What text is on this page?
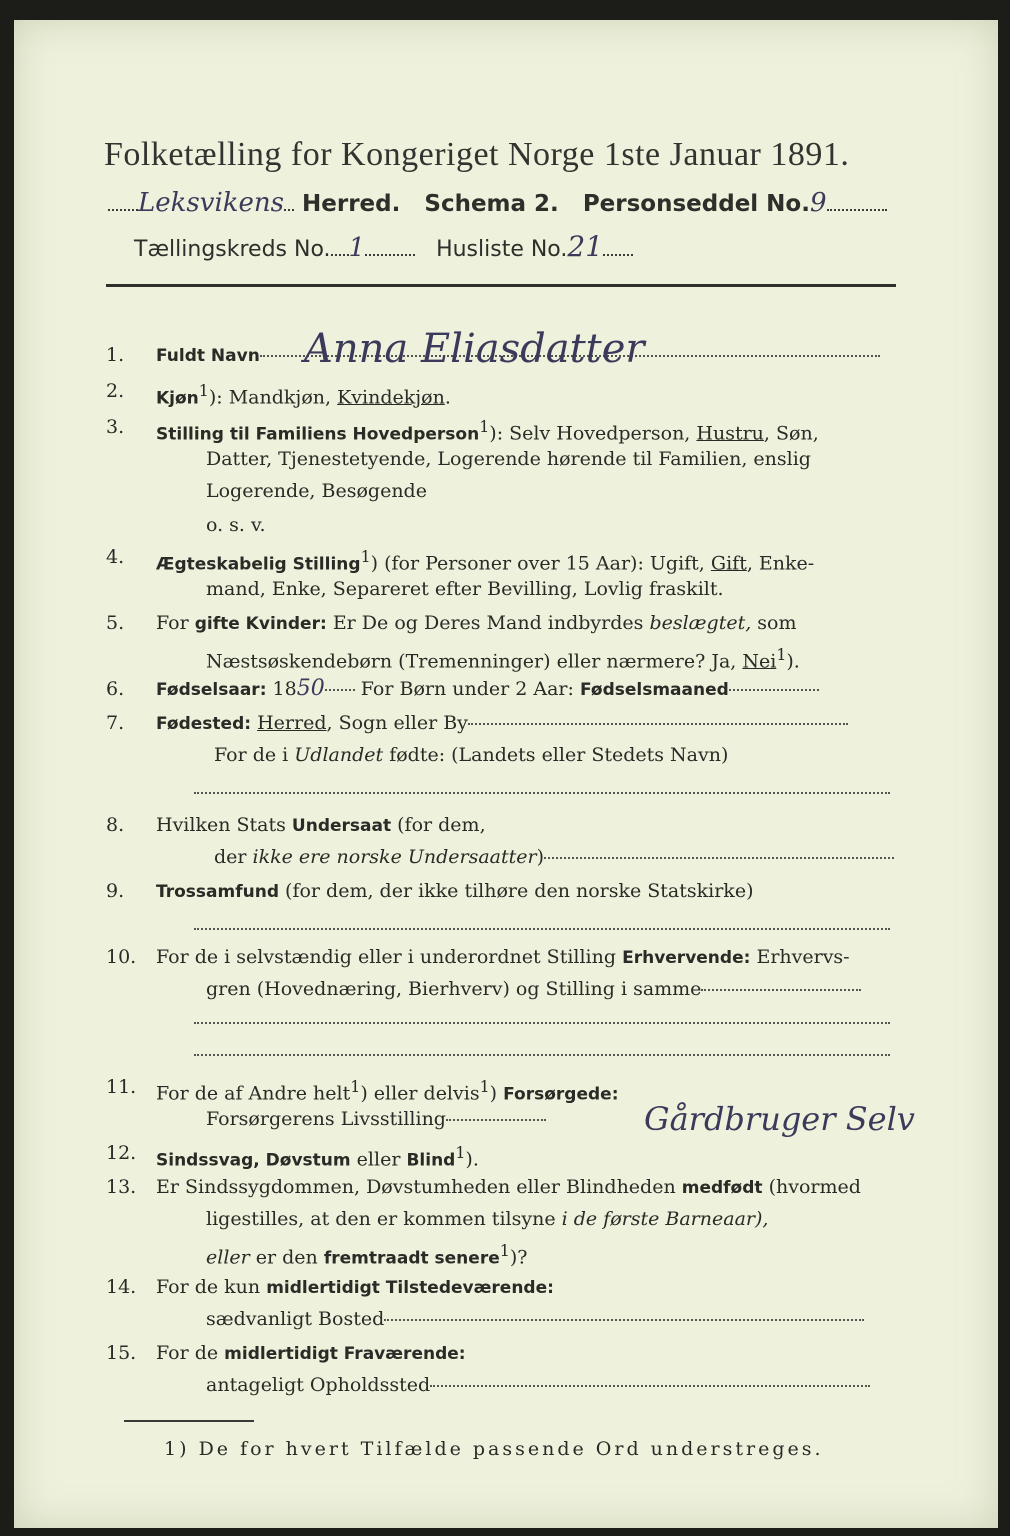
Folketælling for Kongeriget Norge 1ste Januar 1891.
Leksvikens Herred. Schema 2. Personseddel No.9
Tællingskreds No. 1	Husliste No.21
1.	Fuldt Navn	Anna Eliasdatter
2.	Kjøn$^1$): Mandkjøn, Kvindekjøn.
3.	Stilling til Familiens Hovedperson$^1$): Selv Hovedperson, Hustru, Søn,
Datter, Tjenestetyende, Logerende hørende til Familien, enslig
Logerende, Besøgende
o. s. v.
4.	Ægteskabelig Stilling$^1$) (for Personer over 15 Aar): Ugift, Gift, Enke-
mand, Enke, Separeret efter Bevilling, Lovlig fraskilt.
5.	For gifte Kvinder: Er De og Deres Mand indbyrdes beslægtet, som
Næstsøskendebørn (Tremenninger) eller nærmere? Ja, Nei$^1$).
6.	Fødselsaar: 1850 For Børn under 2 Aar: Fødselsmaaned
7.	Fødested: Herred, Sogn eller By
For de i Udlandet fødte: (Landets eller Stedets Navn)
8.	Hvilken Stats Undersaat (for dem,
der ikke ere norske Undersaatter)
9.	Trossamfund (for dem, der ikke tilhøre den norske Statskirke)
10.	For de i selvstændig eller i underordnet Stilling Erhvervende: Erhvervs-
gren (Hovednæring, Bierhverv) og Stilling i samme
11.	For de af Andre helt$^1$) eller delvis$^1$) Forsørgede:
Forsørgerens Livsstilling	Gårdbruger Selv
12.	Sindssvag, Døvstum eller Blind$^1$).
13.	Er Sindssygdommen, Døvstumheden eller Blindheden medfødt (hvormed
ligestilles, at den er kommen tilsyne i de første Barneaar),
eller er den fremtraadt senere$^1$)?
14.	For de kun midlertidigt Tilstedeværende:
sædvanligt Bosted
15.	For de midlertidigt Fraværende:
antageligt Opholdssted
1) De for hvert Tilfælde passende Ord understreges.
